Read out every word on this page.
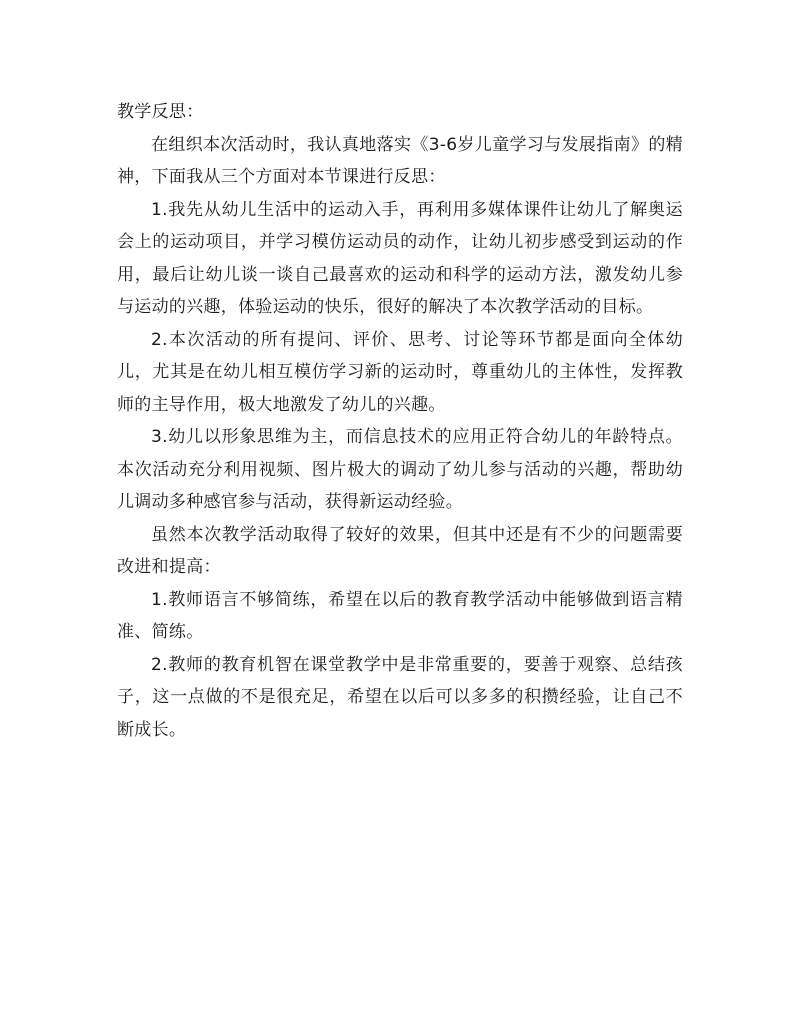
教学反思：

在组织本次活动时，我认真地落实《3-6岁儿童学习与发展指南》的精神，下面我从三个方面对本节课进行反思：

1.我先从幼儿生活中的运动入手，再利用多媒体课件让幼儿了解奥运会上的运动项目，并学习模仿运动员的动作，让幼儿初步感受到运动的作用，最后让幼儿谈一谈自己最喜欢的运动和科学的运动方法，激发幼儿参与运动的兴趣，体验运动的快乐，很好的解决了本次教学活动的目标。

2.本次活动的所有提问、评价、思考、讨论等环节都是面向全体幼儿，尤其是在幼儿相互模仿学习新的运动时，尊重幼儿的主体性，发挥教师的主导作用，极大地激发了幼儿的兴趣。

3.幼儿以形象思维为主，而信息技术的应用正符合幼儿的年龄特点。本次活动充分利用视频、图片极大的调动了幼儿参与活动的兴趣，帮助幼儿调动多种感官参与活动，获得新运动经验。

虽然本次教学活动取得了较好的效果，但其中还是有不少的问题需要改进和提高：

1.教师语言不够简练，希望在以后的教育教学活动中能够做到语言精准、简练。

2.教师的教育机智在课堂教学中是非常重要的，要善于观察、总结孩子，这一点做的不是很充足，希望在以后可以多多的积攒经验，让自己不断成长。
